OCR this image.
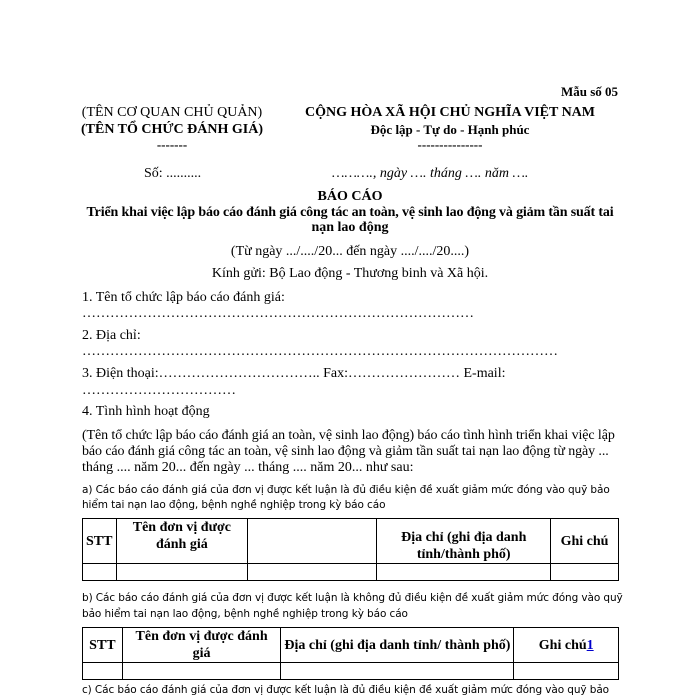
Mẫu số 05
(TÊN CƠ QUAN CHỦ QUẢN)
(TÊN TỔ CHỨC ĐÁNH GIÁ)
-------
CỘNG HÒA XÃ HỘI CHỦ NGHĨA VIỆT NAM
Độc lập - Tự do - Hạnh phúc
---------------
Số: ..........	………., ngày …. tháng …. năm ….
BÁO CÁO
Triển khai việc lập báo cáo đánh giá công tác an toàn, vệ sinh lao động và giảm tần suất tai
nạn lao động
(Từ ngày .../..../20... đến ngày ..../..../20....)
Kính gửi: Bộ Lao động - Thương binh và Xã hội.
1. Tên tổ chức lập báo cáo đánh giá:
…………………………………………………………………………
2. Địa chỉ:
…………………………………………………………………………………………
3. Điện thoại:…………………………….. Fax:…………………… E-mail:
……………………………
4. Tình hình hoạt động
(Tên tổ chức lập báo cáo đánh giá an toàn, vệ sinh lao động) báo cáo tình hình triển khai việc lập
báo cáo đánh giá công tác an toàn, vệ sinh lao động và giảm tần suất tai nạn lao động từ ngày ...
tháng .... năm 20... đến ngày ... tháng .... năm 20... như sau:
a) Các báo cáo đánh giá của đơn vị được kết luận là đủ điều kiện đề xuất giảm mức đóng vào quỹ bảo
hiểm tai nạn lao động, bệnh nghề nghiệp trong kỳ báo cáo
STT	Tên đơn vị được đánh giá		Địa chỉ (ghi địa danh tỉnh/thành phố)	Ghi chú

b) Các báo cáo đánh giá của đơn vị được kết luận là không đủ điều kiện đề xuất giảm mức đóng vào quỹ
bảo hiểm tai nạn lao động, bệnh nghề nghiệp trong kỳ báo cáo
STT	Tên đơn vị được đánh giá	Địa chỉ (ghi địa danh tỉnh/ thành phố)	Ghi chú1

c) Các báo cáo đánh giá của đơn vị được kết luận là đủ điều kiện đề xuất giảm mức đóng vào quỹ bảo
